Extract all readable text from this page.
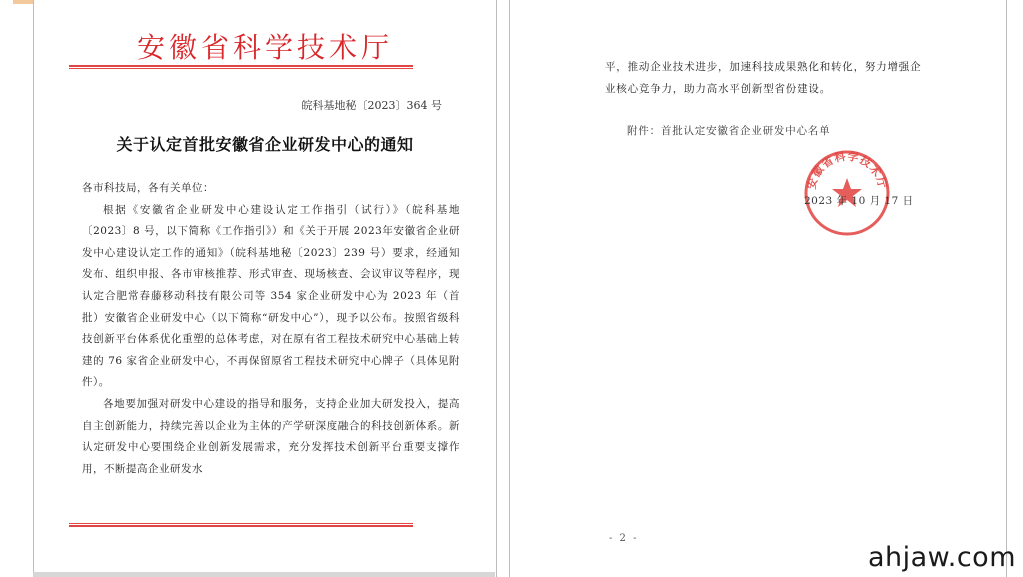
安徽省科学技术厅
皖科基地秘〔2023〕364 号
关于认定首批安徽省企业研发中心的通知

各市科技局，各有关单位：

根据《安徽省企业研发中心建设认定工作指引（试行）》（皖科基地〔2023〕8 号，以下简称《工作指引》）和《关于开展 2023年安徽省企业研发中心建设认定工作的通知》（皖科基地秘〔2023〕239 号）要求，经通知发布、组织申报、各市审核推荐、形式审查、现场核查、会议审议等程序，现认定合肥常春藤移动科技有限公司等 354 家企业研发中心为 2023 年（首批）安徽省企业研发中心（以下简称“研发中心”），现予以公布。按照省级科技创新平台体系优化重塑的总体考虑，对在原有省工程技术研究中心基础上转建的 76 家省企业研发中心，不再保留原省工程技术研究中心牌子（具体见附件）。

各地要加强对研发中心建设的指导和服务，支持企业加大研发投入，提高自主创新能力，持续完善以企业为主体的产学研深度融合的科技创新体系。新认定研发中心要围绕企业创新发展需求，充分发挥技术创新平台重要支撑作用，不断提高企业研发水

平，推动企业技术进步，加速科技成果熟化和转化，努力增强企

业核心竞争力，助力高水平创新型省份建设。

附件：首批认定安徽省企业研发中心名单
安徽省科学技术厅
2023 年 10 月 17 日
- 2 -
ahjaw.com
